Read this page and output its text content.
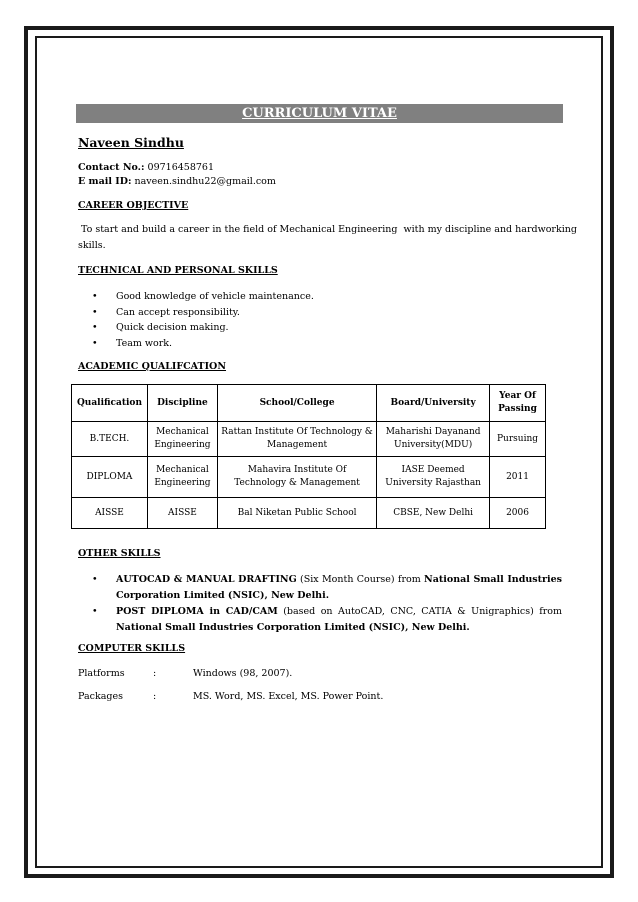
CURRICULUM VITAE
Naveen Sindhu
Contact No.: 09716458761
E mail ID: naveen.sindhu22@gmail.com
CAREER OBJECTIVE
To start and build a career in the field of Mechanical Engineering  with my discipline and hardworking
skills.
TECHNICAL AND PERSONAL SKILLS
• Good knowledge of vehicle maintenance.
• Can accept responsibility.
• Quick decision making.
• Team work.
ACADEMIC QUALIFCATION
Qualification	Discipline	School/College	Board/University	Year Of Passing
B.TECH.	Mechanical Engineering	Rattan Institute Of Technology & Management	Maharishi Dayanand University(MDU)	Pursuing
DIPLOMA	Mechanical Engineering	Mahavira Institute Of Technology & Management	IASE Deemed University Rajasthan	2011
AISSE	AISSE	Bal Niketan Public School	CBSE, New Delhi	2006
OTHER SKILLS
• AUTOCAD & MANUAL DRAFTING (Six Month Course) from National Small Industries Corporation Limited (NSIC), New Delhi.
• POST DIPLOMA in CAD/CAM (based on AutoCAD, CNC, CATIA & Unigraphics) from National Small Industries Corporation Limited (NSIC), New Delhi.
COMPUTER SKILLS
Platforms	:	Windows (98, 2007).
Packages	:	MS. Word, MS. Excel, MS. Power Point.
